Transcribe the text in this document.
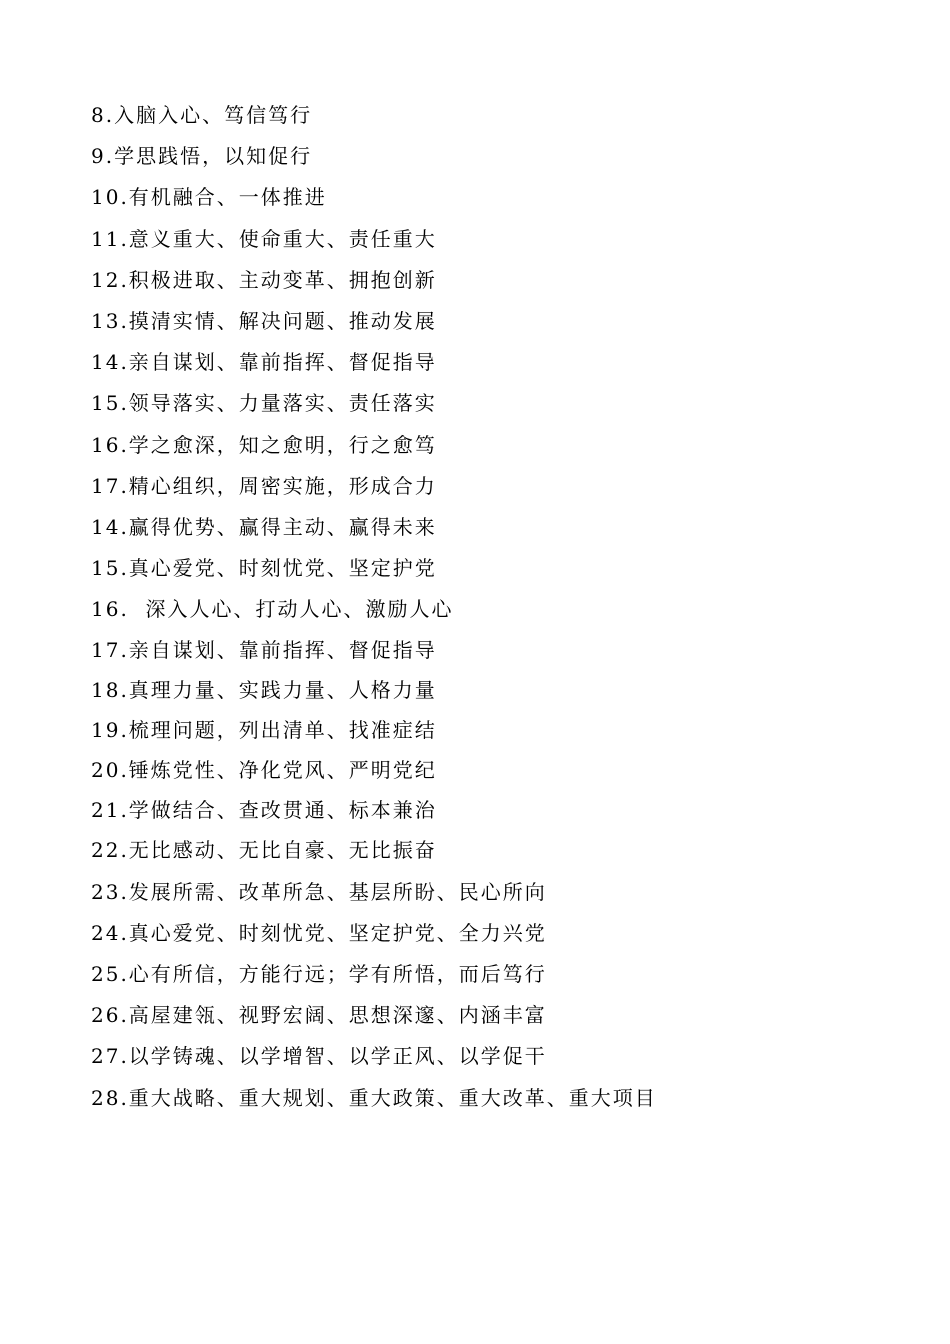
8.入脑入心、笃信笃行
9.学思践悟，以知促行
10.有机融合、一体推进
11.意义重大、使命重大、责任重大
12.积极进取、主动变革、拥抱创新
13.摸清实情、解决问题、推动发展
14.亲自谋划、靠前指挥、督促指导
15.领导落实、力量落实、责任落实
16.学之愈深，知之愈明，行之愈笃
17.精心组织，周密实施，形成合力
14.赢得优势、赢得主动、赢得未来
15.真心爱党、时刻忧党、坚定护党
16.  深入人心、打动人心、激励人心
17.亲自谋划、靠前指挥、督促指导
18.真理力量、实践力量、人格力量
19.梳理问题，列出清单、找准症结
20.锤炼党性、净化党风、严明党纪
21.学做结合、查改贯通、标本兼治
22.无比感动、无比自豪、无比振奋
23.发展所需、改革所急、基层所盼、民心所向
24.真心爱党、时刻忧党、坚定护党、全力兴党
25.心有所信，方能行远；学有所悟，而后笃行
26.高屋建瓴、视野宏阔、思想深邃、内涵丰富
27.以学铸魂、以学增智、以学正风、以学促干
28.重大战略、重大规划、重大政策、重大改革、重大项目
